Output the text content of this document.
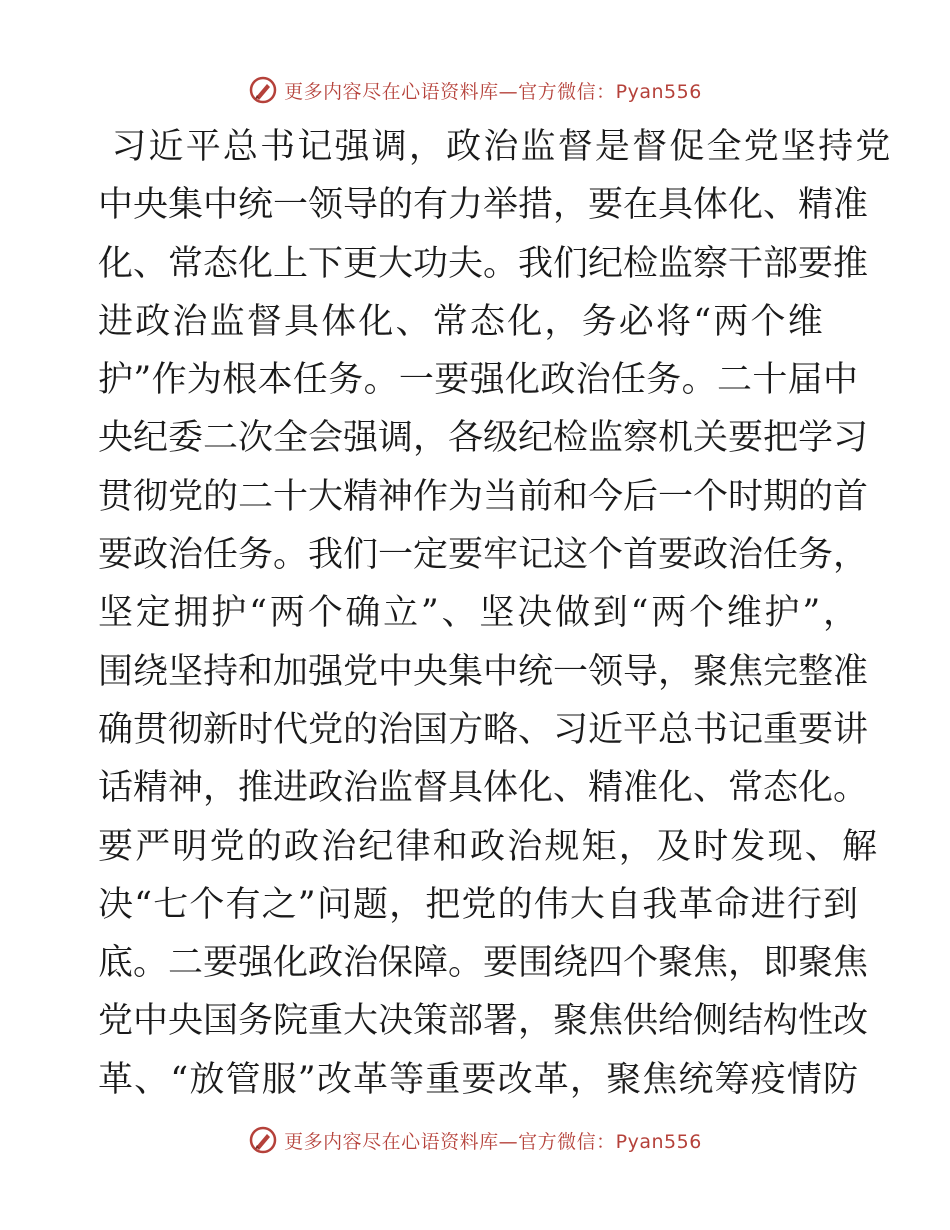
更多内容尽在心语资料库—官方微信：Pyan556
习近平总书记强调，政治监督是督促全党坚持党
中央集中统一领导的有力举措，要在具体化、精准
化、常态化上下更大功夫。我们纪检监察干部要推
进政治监督具体化、常态化，务必将“两个维
护”作为根本任务。一要强化政治任务。二十届中
央纪委二次全会强调，各级纪检监察机关要把学习
贯彻党的二十大精神作为当前和今后一个时期的首
要政治任务。我们一定要牢记这个首要政治任务，
坚定拥护“两个确立”、坚决做到“两个维护”，
围绕坚持和加强党中央集中统一领导，聚焦完整准
确贯彻新时代党的治国方略、习近平总书记重要讲
话精神，推进政治监督具体化、精准化、常态化。
要严明党的政治纪律和政治规矩，及时发现、解
决“七个有之”问题，把党的伟大自我革命进行到
底。二要强化政治保障。要围绕四个聚焦，即聚焦
党中央国务院重大决策部署，聚焦供给侧结构性改
革、“放管服”改革等重要改革，聚焦统筹疫情防
更多内容尽在心语资料库—官方微信：Pyan556
